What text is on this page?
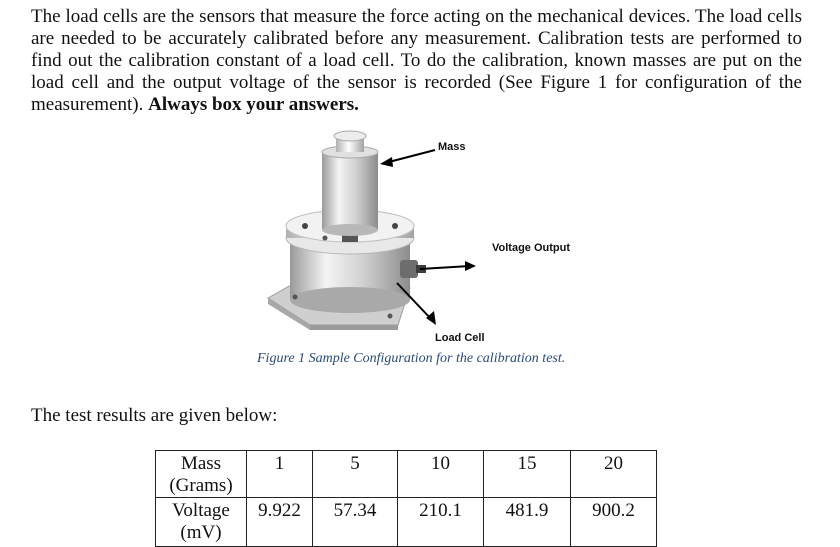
The load cells are the sensors that measure the force acting on the mechanical devices. The load cells are needed to be accurately calibrated before any measurement. Calibration tests are performed to find out the calibration constant of a load cell. To do the calibration, known masses are put on the load cell and the output voltage of the sensor is recorded (See Figure 1 for configuration of the measurement). Always box your answers.

Mass
Voltage Output
Load Cell
Figure 1 Sample Configuration for the calibration test.
The test results are given below:
Mass
(Grams)	1	5	10	15	20

Voltage
(mV)	9.922	57.34	210.1	481.9	900.2
